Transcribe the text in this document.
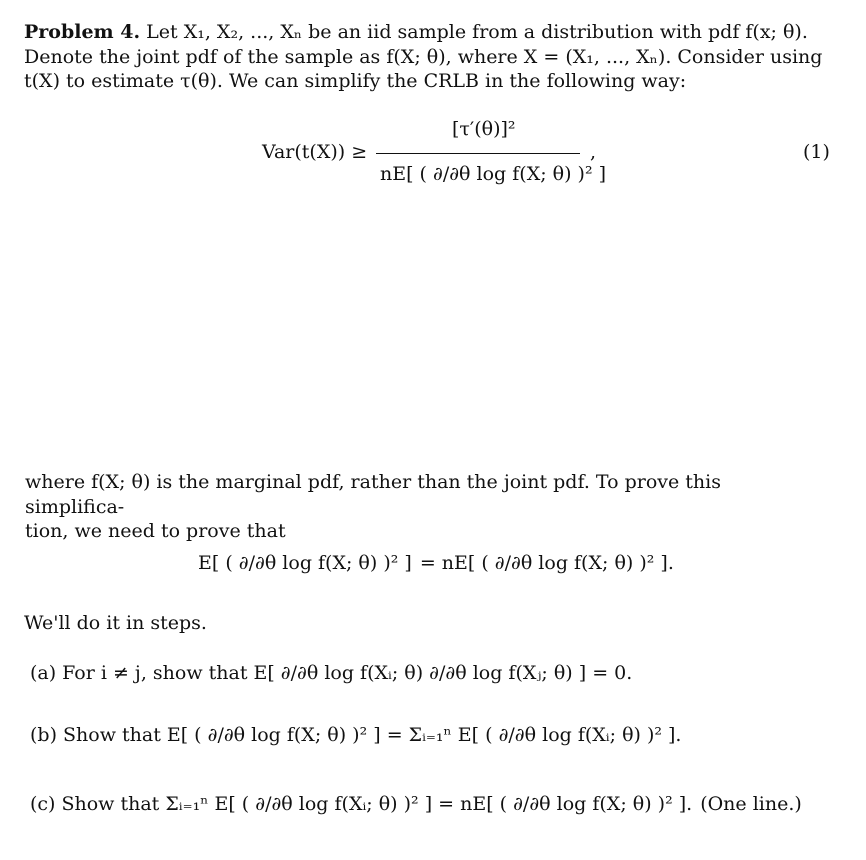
Problem 4. Let X₁, X₂, ..., Xₙ be an iid sample from a distribution with pdf f(x; θ).
Denote the joint pdf of the sample as f(X; θ), where X = (X₁, ..., Xₙ). Consider using
t(X) to estimate τ(θ). We can simplify the CRLB in the following way:
Var(t(X)) ≥
[τ′(θ)]²
nE[ ( ∂/∂θ log f(X; θ) )² ]
,	(1)
where f(X; θ) is the marginal pdf, rather than the joint pdf. To prove this simplifica-
tion, we need to prove that
E[ ( ∂/∂θ log f(X; θ) )² ] = nE[ ( ∂/∂θ log f(X; θ) )² ].
We'll do it in steps.
(a) For i ≠ j, show that E[ ∂/∂θ log f(Xᵢ; θ) ∂/∂θ log f(Xⱼ; θ) ] = 0.
(b) Show that E[ ( ∂/∂θ log f(X; θ) )² ] = Σᵢ₌₁ⁿ E[ ( ∂/∂θ log f(Xᵢ; θ) )² ].
(c) Show that Σᵢ₌₁ⁿ E[ ( ∂/∂θ log f(Xᵢ; θ) )² ] = nE[ ( ∂/∂θ log f(X; θ) )² ]. (One line.)
